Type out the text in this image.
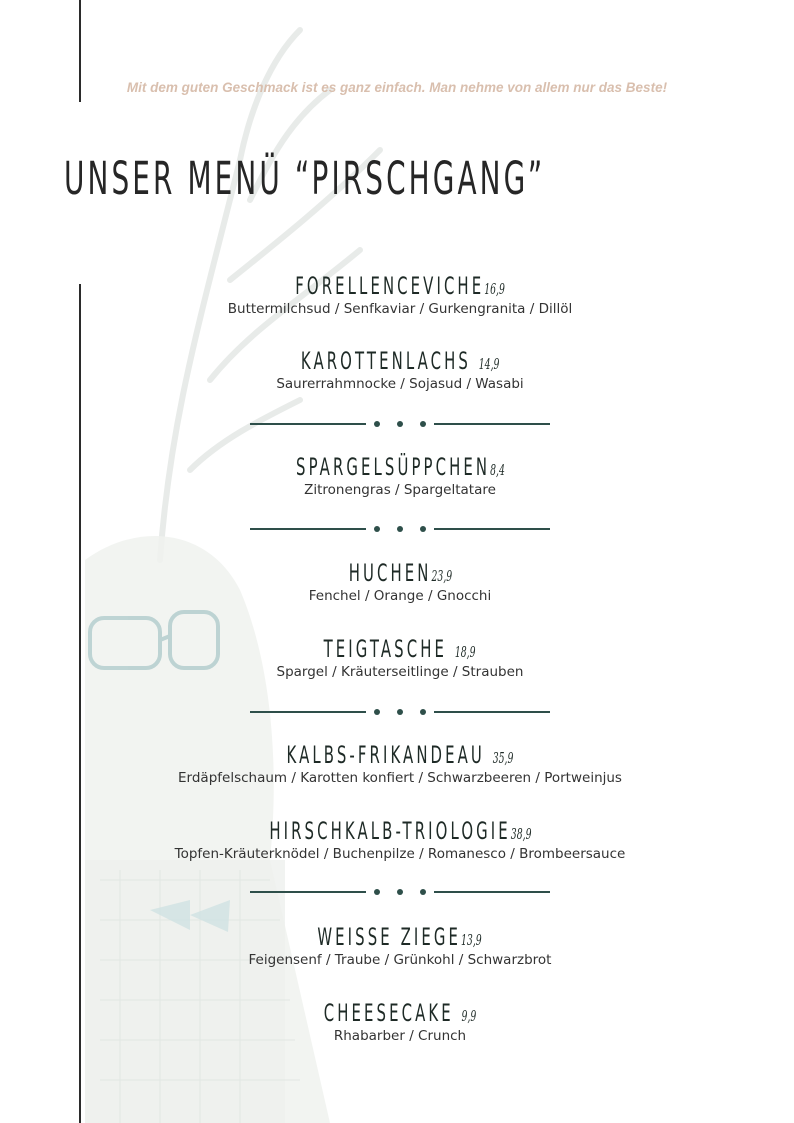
Mit dem guten Geschmack ist es ganz einfach. Man nehme von allem nur das Beste!
UNSER MENÜ “PIRSCHGANG”
FORELLENCEVICHE16,9
Buttermilchsud / Senfkaviar / Gurkengranita / Dillöl
KAROTTENLACHS 14,9
Saurerrahmnocke / Sojasud / Wasabi
SPARGELSÜPPCHEN8,4
Zitronengras / Spargeltatare
HUCHEN23,9
Fenchel / Orange / Gnocchi
TEIGTASCHE 18,9
Spargel / Kräuterseitlinge / Strauben
KALBS-FRIKANDEAU 35,9
Erdäpfelschaum / Karotten konfiert / Schwarzbeeren / Portweinjus
HIRSCHKALB-TRIOLOGIE38,9
Topfen-Kräuterknödel / Buchenpilze / Romanesco / Brombeersauce
WEISSE ZIEGE13,9
Feigensenf / Traube / Grünkohl / Schwarzbrot
CHEESECAKE 9,9
Rhabarber / Crunch
